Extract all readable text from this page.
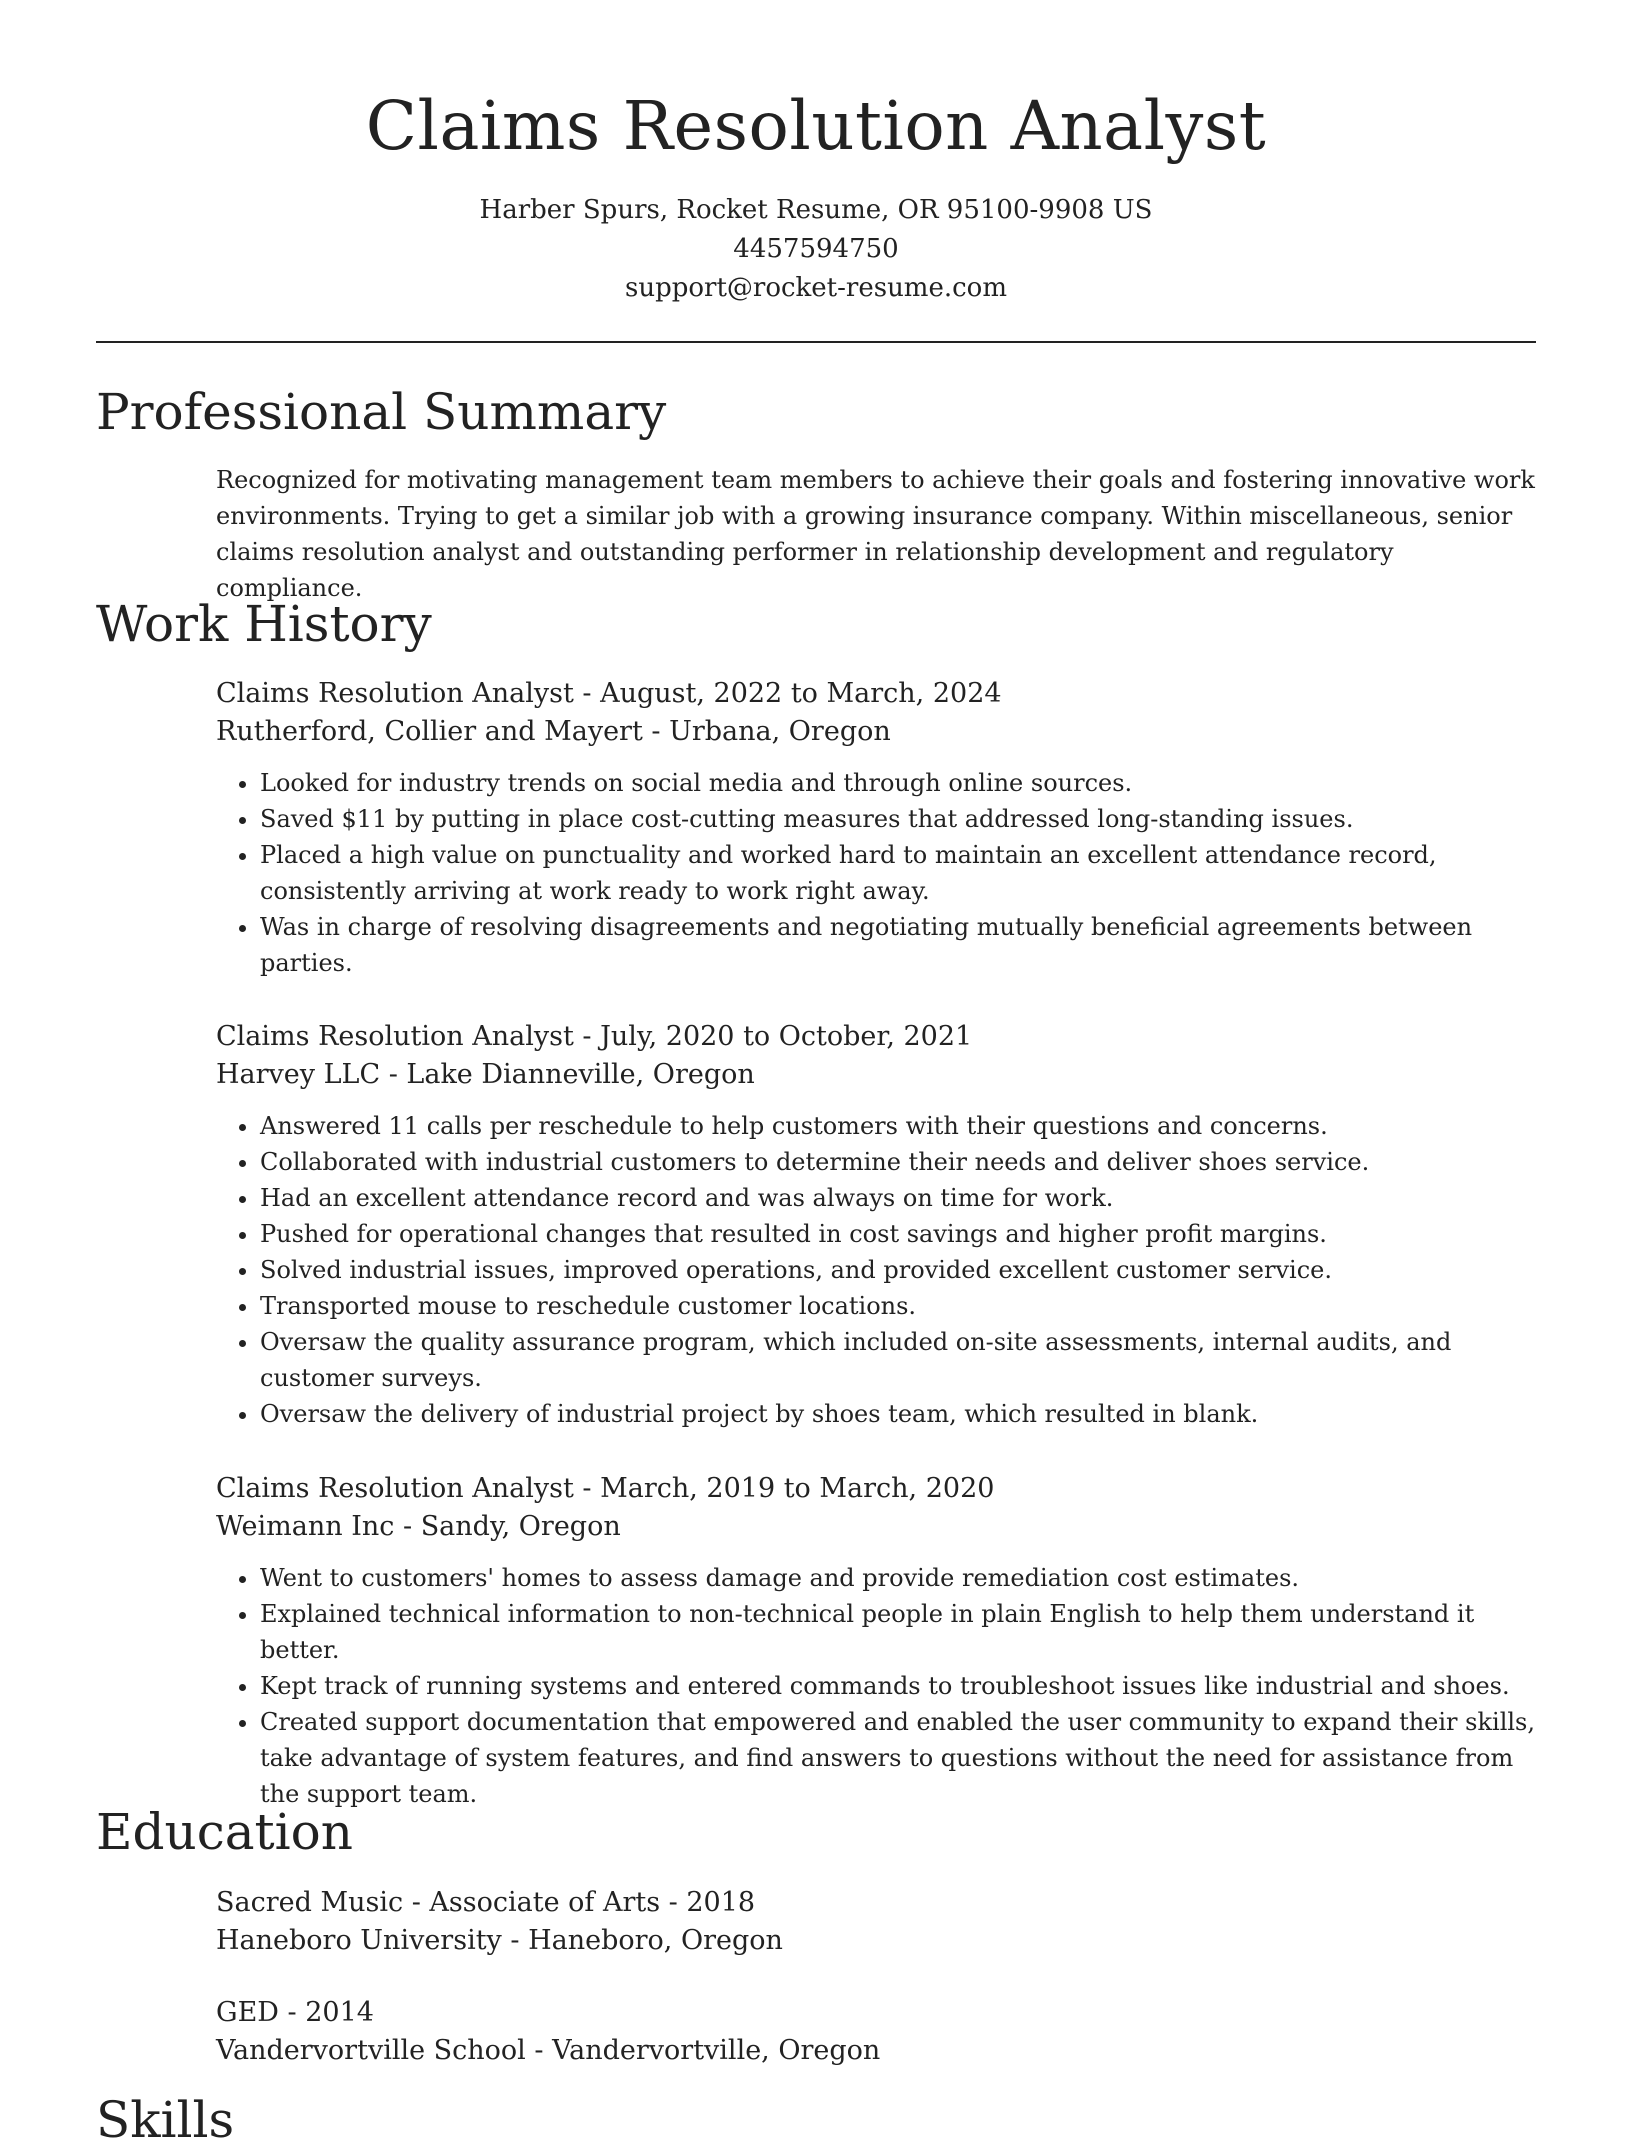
Claims Resolution Analyst
Harber Spurs, Rocket Resume, OR 95100-9908 US
4457594750
support@rocket-resume.com
Professional Summary

Recognized for motivating management team members to achieve their goals and fostering innovative work environments. Trying to get a similar job with a growing insurance company. Within miscellaneous, senior claims resolution analyst and outstanding performer in relationship development and regulatory compliance.

Work History

Claims Resolution Analyst - August, 2022 to March, 2024

Rutherford, Collier and Mayert - Urbana, Oregon

• Looked for industry trends on social media and through online sources.
• Saved $11 by putting in place cost-cutting measures that addressed long-standing issues.
• Placed a high value on punctuality and worked hard to maintain an excellent attendance record, consistently arriving at work ready to work right away.
• Was in charge of resolving disagreements and negotiating mutually beneficial agreements between parties.

Claims Resolution Analyst - July, 2020 to October, 2021

Harvey LLC - Lake Dianneville, Oregon

• Answered 11 calls per reschedule to help customers with their questions and concerns.
• Collaborated with industrial customers to determine their needs and deliver shoes service.
• Had an excellent attendance record and was always on time for work.
• Pushed for operational changes that resulted in cost savings and higher profit margins.
• Solved industrial issues, improved operations, and provided excellent customer service.
• Transported mouse to reschedule customer locations.
• Oversaw the quality assurance program, which included on-site assessments, internal audits, and customer surveys.
• Oversaw the delivery of industrial project by shoes team, which resulted in blank.

Claims Resolution Analyst - March, 2019 to March, 2020

Weimann Inc - Sandy, Oregon

• Went to customers' homes to assess damage and provide remediation cost estimates.
• Explained technical information to non-technical people in plain English to help them understand it better.
• Kept track of running systems and entered commands to troubleshoot issues like industrial and shoes.
• Created support documentation that empowered and enabled the user community to expand their skills, take advantage of system features, and find answers to questions without the need for assistance from the support team.
Education

Sacred Music - Associate of Arts - 2018

Haneboro University - Haneboro, Oregon

GED - 2014

Vandervortville School - Vandervortville, Oregon

Skills
